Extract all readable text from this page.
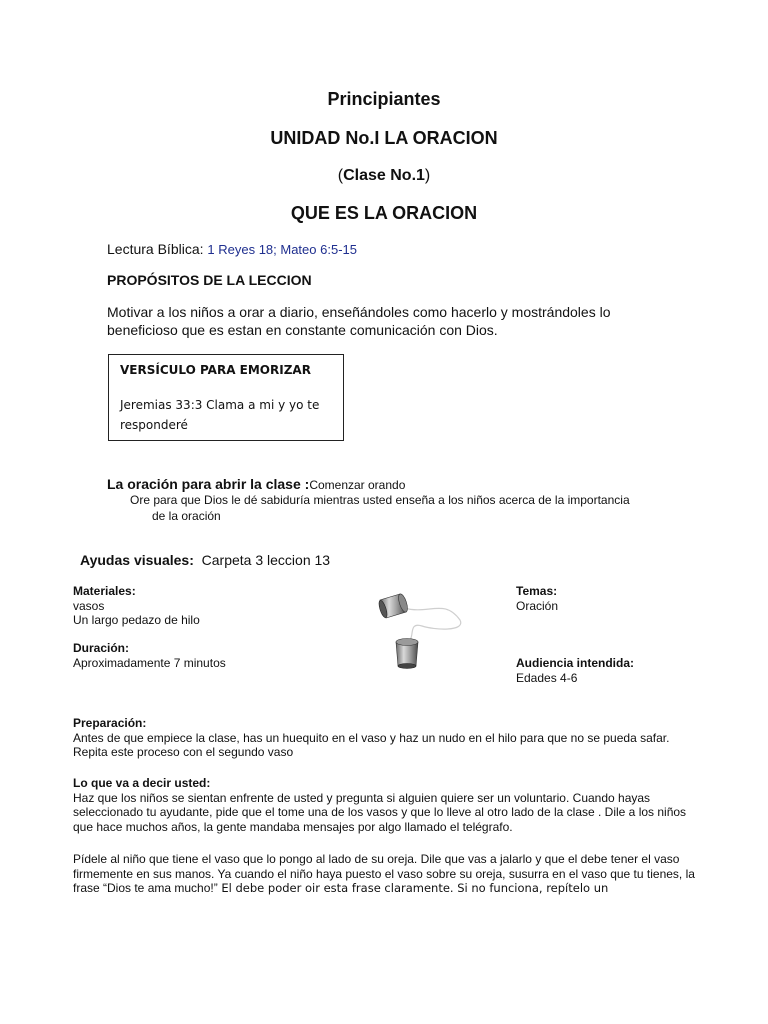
Principiantes
UNIDAD No.I LA ORACION
(Clase No.1)
QUE ES LA ORACION
Lectura Bíblica: 1 Reyes 18; Mateo 6:5-15
PROPÓSITOS DE LA LECCION
Motivar a los niños a orar a diario, enseñándoles como hacerlo y mostrándoles lo beneficioso que es estan en constante comunicación con Dios.
VERSÍCULO PARA EMORIZAR
Jeremias 33:3 Clama a mi y yo te responderé
La oración para abrir la clase :Comenzar orando
Ore para que Dios le dé sabiduría mientras usted enseña a los niños acerca de la importancia
de la oración
Ayudas visuales: Carpeta 3 leccion 13
Materiales:
vasos
Un largo pedazo de hilo
Duración:
Aproximadamente 7 minutos
Temas:
Oración
Audiencia intendida:
Edades 4-6
Preparación:
Antes de que empiece la clase, has un huequito en el vaso y haz un nudo en el hilo para que no se pueda safar. Repita este proceso con el segundo vaso
Lo que va a decir usted:
Haz que los niños se sientan enfrente de usted y pregunta si alguien quiere ser un voluntario. Cuando hayas seleccionado tu ayudante, pide que el tome una de los vasos y que lo lleve al otro lado de la clase . Dile a los niños que hace muchos años, la gente mandaba mensajes por algo llamado el telégrafo.
Pídele al niño que tiene el vaso que lo pongo al lado de su oreja. Dile que vas a jalarlo y que el debe tener el vaso firmemente en sus manos. Ya cuando el niño haya puesto el vaso sobre su oreja, susurra en el vaso que tu tienes, la frase “Dios te ama mucho!” El debe poder oir esta frase claramente. Si no funciona, repítelo un
